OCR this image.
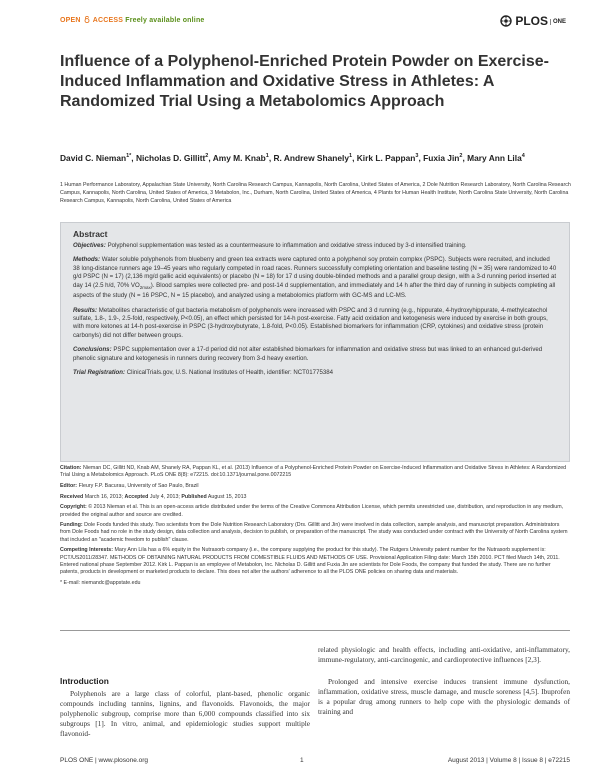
OPEN ACCESS Freely available online	PLOS ONE
Influence of a Polyphenol-Enriched Protein Powder on Exercise-Induced Inflammation and Oxidative Stress in Athletes: A Randomized Trial Using a Metabolomics Approach
David C. Nieman$^{1*}$, Nicholas D. Gillitt$^2$, Amy M. Knab$^1$, R. Andrew Shanely$^1$, Kirk L. Pappan$^3$, Fuxia Jin$^2$, Mary Ann Lila$^4$
1 Human Performance Laboratory, Appalachian State University, North Carolina Research Campus, Kannapolis, North Carolina, United States of America, 2 Dole Nutrition Research Laboratory, North Carolina Research Campus, Kannapolis, North Carolina, United States of America, 3 Metabolon, Inc., Durham, North Carolina, United States of America, 4 Plants for Human Health Institute, North Carolina State University, North Carolina Research Campus, Kannapolis, North Carolina, United States of America
Abstract

Objectives: Polyphenol supplementation was tested as a countermeasure to inflammation and oxidative stress induced by 3-d intensified training.

Methods: Water soluble polyphenols from blueberry and green tea extracts were captured onto a polyphenol soy protein complex (PSPC). Subjects were recruited, and included 38 long-distance runners age 19–45 years who regularly competed in road races. Runners successfully completing orientation and baseline testing (N = 35) were randomized to 40 g/d PSPC (N = 17) (2,136 mg/d gallic acid equivalents) or placebo (N = 18) for 17 d using double-blinded methods and a parallel group design, with a 3-d running period inserted at day 14 (2.5 h/d, 70% $VO_{2max}$). Blood samples were collected pre- and post-14 d supplementation, and immediately and 14 h after the third day of running in subjects completing all aspects of the study (N = 16 PSPC, N = 15 placebo), and analyzed using a metabolomics platform with GC-MS and LC-MS.

Results: Metabolites characteristic of gut bacteria metabolism of polyphenols were increased with PSPC and 3 d running (e.g., hippurate, 4-hydroxyhippurate, 4-methylcatechol sulfate, 1.8-, 1.9-, 2.5-fold, respectively, P<0.05), an effect which persisted for 14-h post-exercise. Fatty acid oxidation and ketogenesis were induced by exercise in both groups, with more ketones at 14-h post-exercise in PSPC (3-hydroxybutyrate, 1.8-fold, P<0.05). Established biomarkers for inflammation (CRP, cytokines) and oxidative stress (protein carbonyls) did not differ between groups.

Conclusions: PSPC supplementation over a 17-d period did not alter established biomarkers for inflammation and oxidative stress but was linked to an enhanced gut-derived phenolic signature and ketogenesis in runners during recovery from 3-d heavy exertion.

Trial Registration: ClinicalTrials.gov, U.S. National Institutes of Health, identifier: NCT01775384

Citation: Nieman DC, Gillitt ND, Knab AM, Shanely RA, Pappan KL, et al. (2013) Influence of a Polyphenol-Enriched Protein Powder on Exercise-Induced Inflammation and Oxidative Stress in Athletes: A Randomized Trial Using a Metabolomics Approach. PLoS ONE 8(8): e72215. doi:10.1371/journal.pone.0072215

Editor: Fleury F.P. Bacurau, University of Sao Paulo, Brazil

Received March 16, 2013; Accepted July 4, 2013; Published August 15, 2013

Copyright: © 2013 Nieman et al. This is an open-access article distributed under the terms of the Creative Commons Attribution License, which permits unrestricted use, distribution, and reproduction in any medium, provided the original author and source are credited.

Funding: Dole Foods funded this study. Two scientists from the Dole Nutrition Research Laboratory (Drs. Gillitt and Jin) were involved in data collection, sample analysis, and manuscript preparation. Administrators from Dole Foods had no role in the study design, data collection and analysis, decision to publish, or preparation of the manuscript. The study was conducted under contract with the University of North Carolina system that included an "academic freedom to publish" clause.

Competing Interests: Mary Ann Lila has a 6% equity in the Nutrasorb company (i.e., the company supplying the product for this study). The Rutgers University patent number for the Nutrasorb supplement is: PCT/US2011/28347. METHODS OF OBTAINING NATURAL PRODUCTS FROM COMESTIBLE FLUIDS AND METHODS OF USE. Provisional Application Filing date: March 15th 2010. PCT filed March 14th, 2011. Entered national phase September 2012. Kirk L. Pappan is an employee of Metabolon, Inc. Nicholas D. Gillitt and Fuxia Jin are scientists for Dole Foods, the company that funded the study. There are no further patents, products in development or marketed products to declare. This does not alter the authors' adherence to all the PLOS ONE policies on sharing data and materials.

* E-mail: niemandc@appstate.edu

Introduction

Polyphenols are a large class of colorful, plant-based, phenolic organic compounds including tannins, lignins, and flavonoids. Flavonoids, the major polyphenolic subgroup, comprise more than 6,000 compounds classified into six subgroups [1]. In vitro, animal, and epidemiologic studies support multiple flavonoid-

related physiologic and health effects, including anti-oxidative, anti-inflammatory, immune-regulatory, anti-carcinogenic, and cardioprotective influences [2,3].

Prolonged and intensive exercise induces transient immune dysfunction, inflammation, oxidative stress, muscle damage, and muscle soreness [4,5]. Ibuprofen is a popular drug among runners to help cope with the physiologic demands of training and

PLOS ONE | www.plosone.org	1	August 2013 | Volume 8 | Issue 8 | e72215
